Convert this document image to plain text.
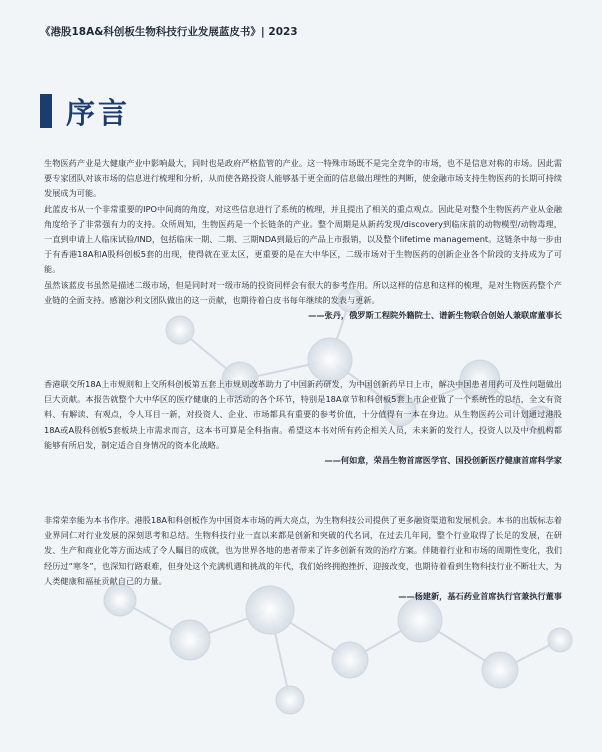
《港股18A&科创板生物科技行业发展蓝皮书》| 2023
序言

生物医药产业是大健康产业中影响最大，同时也是政府严格监管的产业。这一特殊市场既不是完全竞争的市场，也不是信息对称的市场。因此需要专家团队对该市场的信息进行梳理和分析，从而使各路投资人能够基于更全面的信息做出理性的判断，使金融市场支持生物医药的长期可持续发展成为可能。

此蓝皮书从一个非常重要的IPO中间商的角度，对这些信息进行了系统的梳理，并且提出了相关的重点观点。因此是对整个生物医药产业从金融角度给予了非常强有力的支持。众所周知，生物医药是一个长链条的产业。整个周期是从新药发现/discovery到临床前的动物模型/动物毒理，一直到申请上人临床试验/IND，包括临床一期、二期、三期NDA到最后的产品上市报销，以及整个lifetime management。这链条中每一步由于有香港18A和A股科创板5套的出现，使得就在亚太区，更重要的是在大中华区，二级市场对于生物医药的创新企业各个阶段的支持成为了可能。

虽然该蓝皮书虽然是描述二级市场，但是同时对一级市场的投资同样会有很大的参考作用。所以这样的信息和这样的梳理，是对生物医药整个产业链的全面支持。感谢沙利文团队做出的这一贡献，也期待着白皮书每年继续的发表与更新。

——张丹，俄罗斯工程院外籍院士、谱新生物联合创始人兼联席董事长

香港联交所18A上市规则和上交所科创板第五套上市规则改革助力了中国新药研发，为中国创新药早日上市，解决中国患者用药可及性问题做出巨大贡献。本报告就整个大中华区的医疗健康的上市活动的各个环节，特别是18A章节和科创板5套上市企业做了一个系统性的总结，全文有资料、有解读、有观点，令人耳目一新，对投资人、企业、市场都具有重要的参考价值，十分值得有一本在身边。从生物医药公司计划通过港股18A或A股科创板5套板块上市需求而言，这本书可算是全科指南。希望这本书对所有药企相关人员，未来新的发行人，投资人以及中介机构都能够有所启发，制定适合自身情况的资本化战略。

——何如意，荣昌生物首席医学官、国投创新医疗健康首席科学家

非常荣幸能为本书作序。港股18A和科创板作为中国资本市场的两大亮点，为生物科技公司提供了更多融资渠道和发展机会。本书的出版标志着业界同仁对行业发展的深刻思考和总结。生物科技行业一直以来都是创新和突破的代名词，在过去几年间，整个行业取得了长足的发展，在研发、生产和商业化等方面达成了令人瞩目的成就，也为世界各地的患者带来了许多创新有效的治疗方案。伴随着行业和市场的周期性变化，我们经历过“寒冬”，也深知行路艰难，但身处这个充满机遇和挑战的年代，我们始终拥抱挫折、迎接改变，也期待着看到生物科技行业不断壮大，为人类健康和福祉贡献自己的力量。

——杨建新，基石药业首席执行官兼执行董事
